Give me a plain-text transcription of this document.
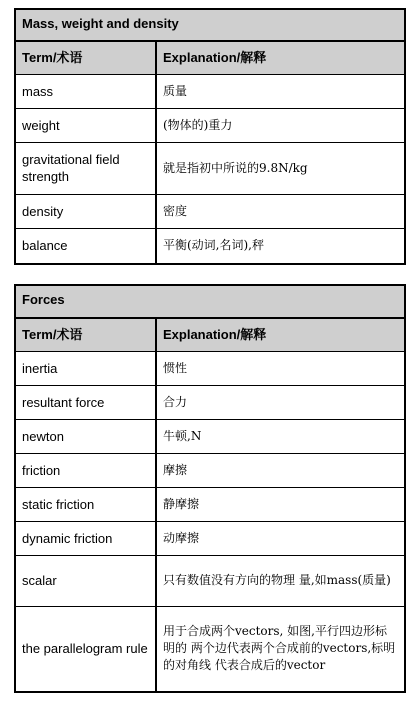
Mass, weight and density	
Term/术语	Explanation/解释
mass	质量
weight	(物体的)重力
gravitational field strength	就是指初中所说的9.8N/kg
density	密度
balance	平衡(动词,名词),秤
Forces	
Term/术语	Explanation/解释
inertia	惯性
resultant force	合力
newton	牛顿,N
friction	摩擦
static friction	静摩擦
dynamic friction	动摩擦
scalar	只有数值没有方向的物理 量,如mass(质量)
the parallelogram rule	用于合成两个vectors, 如图,平行四边形标明的 两个边代表两个合成前的vectors,标明的对角线 代表合成后的vector
